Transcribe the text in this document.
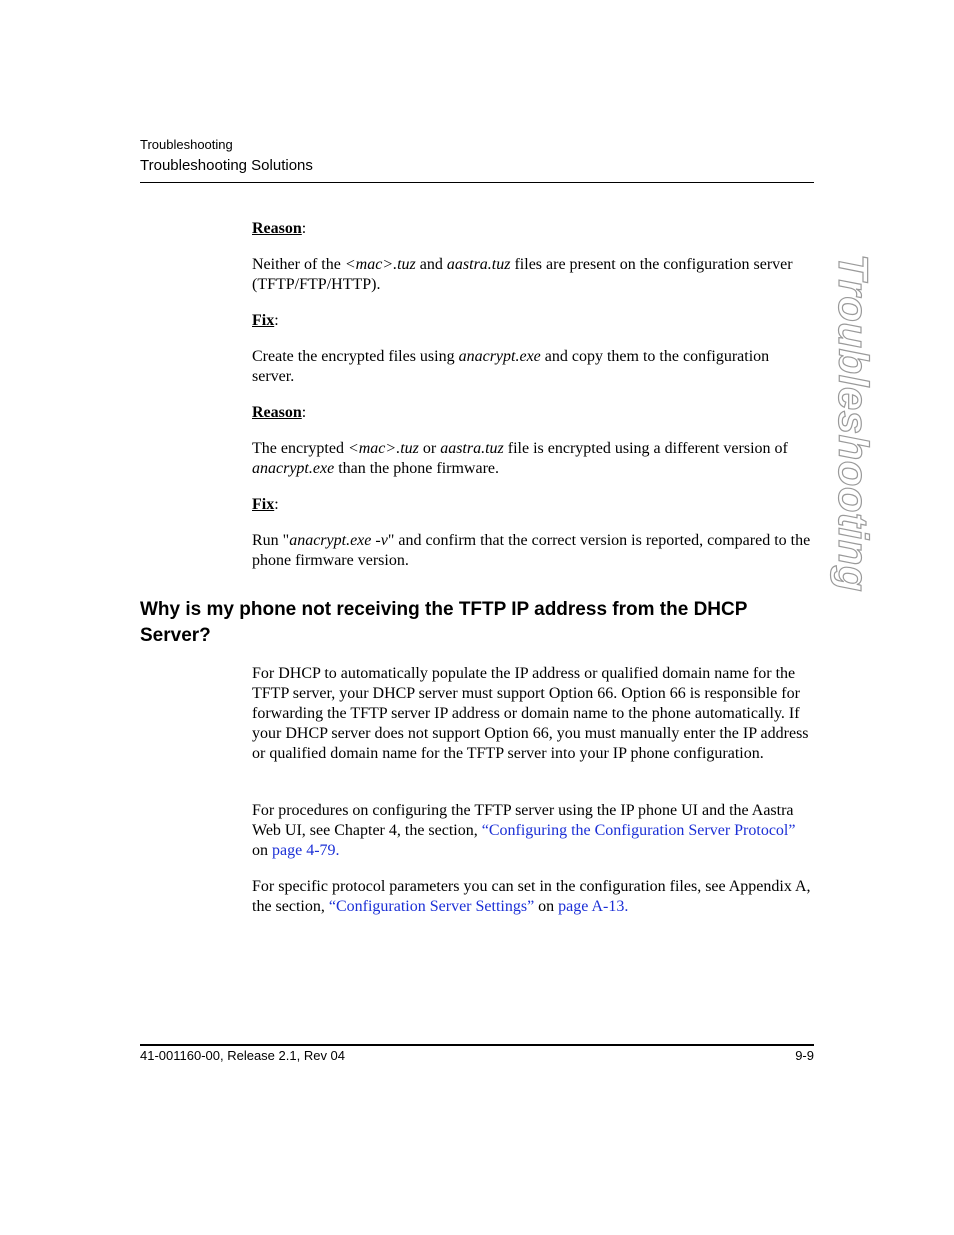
Troubleshooting
Troubleshooting Solutions
Troubleshooting

Reason:

Neither of the <mac>.tuz and aastra.tuz files are present on the configuration server (TFTP/FTP/HTTP).

Fix:

Create the encrypted files using anacrypt.exe and copy them to the configuration server.

Reason:

The encrypted <mac>.tuz or aastra.tuz file is encrypted using a different version of anacrypt.exe than the phone firmware.

Fix:

Run "anacrypt.exe -v" and confirm that the correct version is reported, compared to the phone firmware version.

Why is my phone not receiving the TFTP IP address from the DHCP Server?

For DHCP to automatically populate the IP address or qualified domain name for the TFTP server, your DHCP server must support Option 66. Option 66 is responsible for forwarding the TFTP server IP address or domain name to the phone automatically. If your DHCP server does not support Option 66, you must manually enter the IP address or qualified domain name for the TFTP server into your IP phone configuration.

For procedures on configuring the TFTP server using the IP phone UI and the Aastra Web UI, see Chapter 4, the section, “Configuring the Configuration Server Protocol” on page 4-79.

For specific protocol parameters you can set in the configuration files, see Appendix A, the section, “Configuration Server Settings” on page A-13.

41-001160-00, Release 2.1, Rev 04	9-9
